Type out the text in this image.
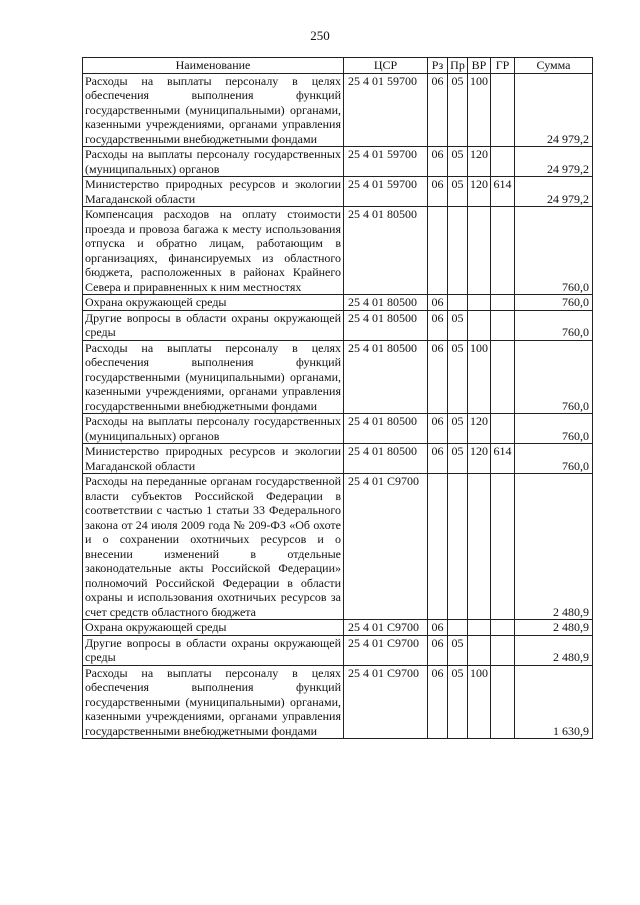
250
Наименование	ЦСР	Рз	Пр	ВР	ГР	Сумма
Расходы на выплаты персоналу в целях обеспечения выполнения функций государственными (муниципальными) органами, казенными учреждениями, органами управления государственными внебюджетными фондами	25 4 01 59700	06	05	100		24 979,2
Расходы на выплаты персоналу государственных (муниципальных) органов	25 4 01 59700	06	05	120		24 979,2
Министерство природных ресурсов и экологии Магаданской области	25 4 01 59700	06	05	120	614	24 979,2
Компенсация расходов на оплату стоимости проезда и провоза багажа к месту использования отпуска и обратно лицам, работающим в организациях, финансируемых из областного бюджета, расположенных в районах Крайнего Севера и приравненных к ним местностях	25 4 01 80500					760,0
Охрана окружающей среды	25 4 01 80500	06				760,0
Другие вопросы в области охраны окружающей среды	25 4 01 80500	06	05			760,0
Расходы на выплаты персоналу в целях обеспечения выполнения функций государственными (муниципальными) органами, казенными учреждениями, органами управления государственными внебюджетными фондами	25 4 01 80500	06	05	100		760,0
Расходы на выплаты персоналу государственных (муниципальных) органов	25 4 01 80500	06	05	120		760,0
Министерство природных ресурсов и экологии Магаданской области	25 4 01 80500	06	05	120	614	760,0
Расходы на переданные органам государственной власти субъектов Российской Федерации в соответствии с частью 1 статьи 33 Федерального закона от 24 июля 2009 года № 209-ФЗ «Об охоте и о сохранении охотничьих ресурсов и о внесении изменений в отдельные законодательные акты Российской Федерации» полномочий Российской Федерации в области охраны и использования охотничьих ресурсов за счет средств областного бюджета	25 4 01 С9700					2 480,9
Охрана окружающей среды	25 4 01 С9700	06				2 480,9
Другие вопросы в области охраны окружающей среды	25 4 01 С9700	06	05			2 480,9
Расходы на выплаты персоналу в целях обеспечения выполнения функций государственными (муниципальными) органами, казенными учреждениями, органами управления государственными внебюджетными фондами	25 4 01 С9700	06	05	100		1 630,9
